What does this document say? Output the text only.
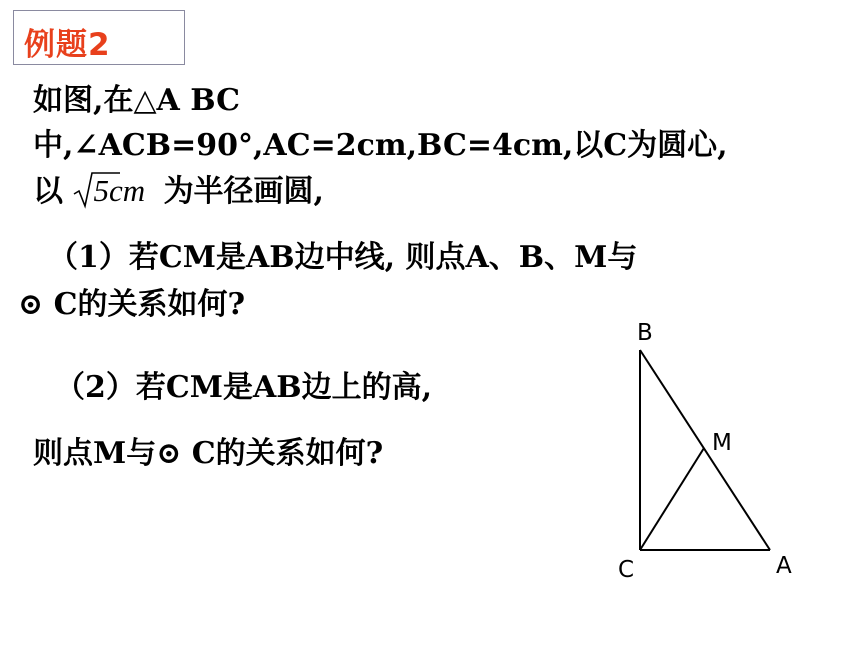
例题2
如图,在△A BC
中,∠ACB=90°,AC=2cm,BC=4cm,以C为圆心,
以 5cm 为半径画圆,
（1）若CM是AB边中线, 则点A、B、M与
⊙ C的关系如何?
（2）若CM是AB边上的高,
则点M与⊙ C的关系如何?
B
M
C	A
